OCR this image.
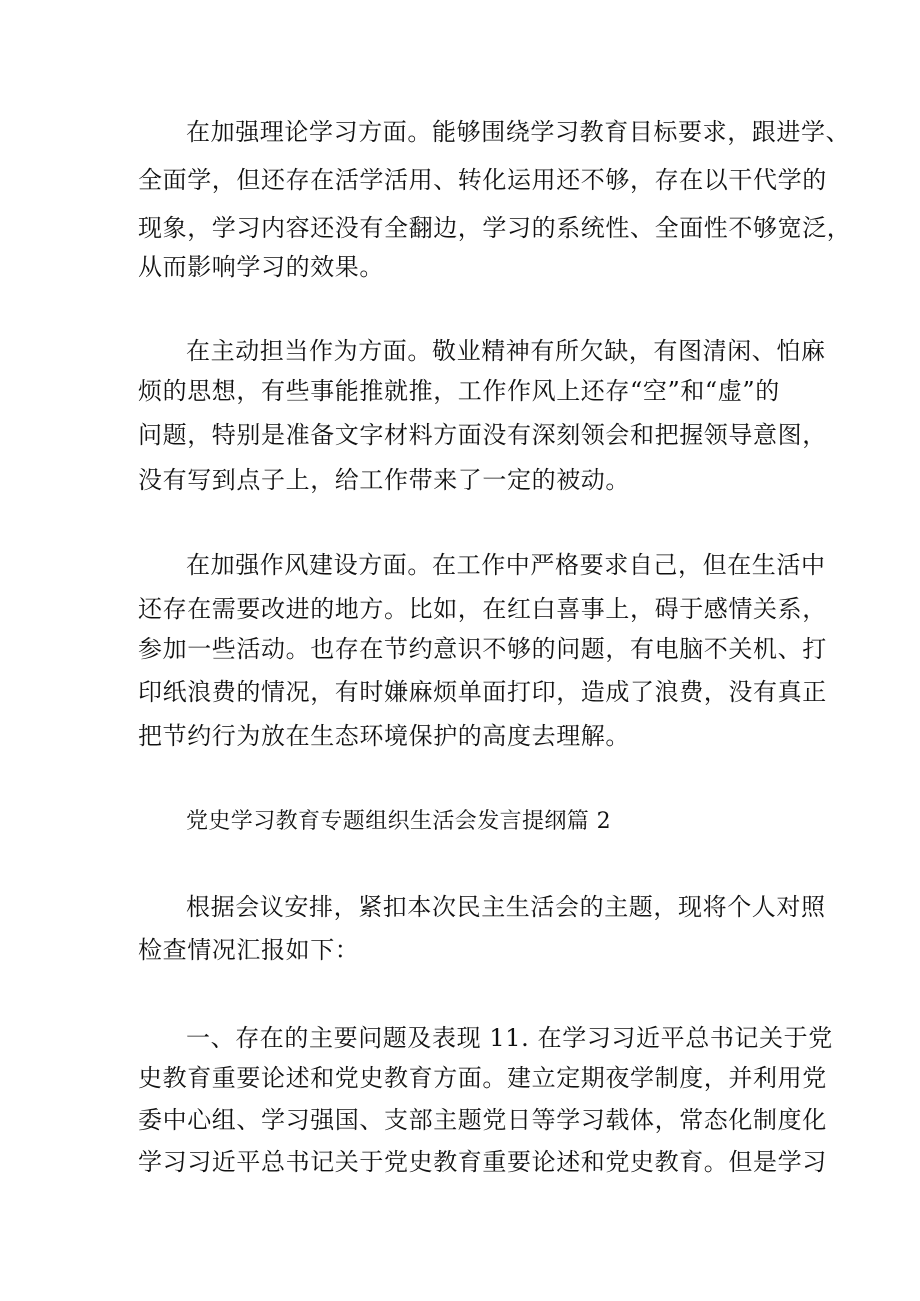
在加强理论学习方面。能够围绕学习教育目标要求，跟进学、
全面学，但还存在活学活用、转化运用还不够，存在以干代学的
现象，学习内容还没有全翻边，学习的系统性、全面性不够宽泛，
从而影响学习的效果。
在主动担当作为方面。敬业精神有所欠缺，有图清闲、怕麻
烦的思想，有些事能推就推，工作作风上还存“空”和“虚”的
问题，特别是准备文字材料方面没有深刻领会和把握领导意图，
没有写到点子上，给工作带来了一定的被动。
在加强作风建设方面。在工作中严格要求自己，但在生活中
还存在需要改进的地方。比如，在红白喜事上，碍于感情关系，
参加一些活动。也存在节约意识不够的问题，有电脑不关机、打
印纸浪费的情况，有时嫌麻烦单面打印，造成了浪费，没有真正
把节约行为放在生态环境保护的高度去理解。
党史学习教育专题组织生活会发言提纲篇 2
根据会议安排，紧扣本次民主生活会的主题，现将个人对照
检查情况汇报如下：
一、存在的主要问题及表现 11. 在学习习近平总书记关于党
史教育重要论述和党史教育方面。建立定期夜学制度，并利用党
委中心组、学习强国、支部主题党日等学习载体，常态化制度化
学习习近平总书记关于党史教育重要论述和党史教育。但是学习
